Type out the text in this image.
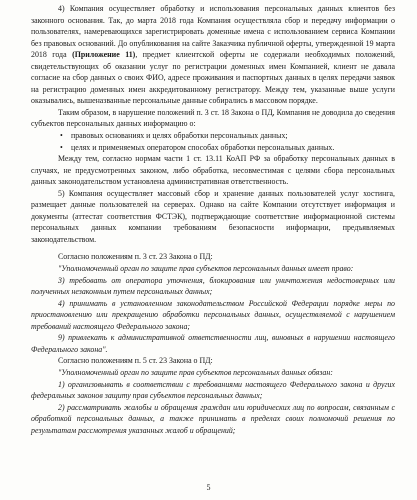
4) Компания осуществляет обработку и использования персональных данных клиентов без законного основания. Так, до марта 2018 года Компания осуществляла сбор и передачу информации о пользователях, намеревающихся зарегистрировать доменные имена с использованием сервиса Компании без правовых оснований. До опубликования на сайте Заказчика публичной оферты, утвержденной 19 марта 2018 года (Приложение 11), предмет клиентской оферты не содержали необходимых положений, свидетельствующих об оказании услуг по регистрации доменных имен Компанией, клиент не давала согласие на сбор данных о своих ФИО, адресе проживания и паспортных данных в целях передачи заявок на регистрацию доменных имен аккредитованному регистратору. Между тем, указанные выше услуги оказывались, вышеназванные персональные данные собирались в массовом порядке.

Таким образом, в нарушение положений п. 3 ст. 18 Закона о ПД, Компания не доводила до сведения субъектов персональных данных информацию о:

• правовых основаниях и целях обработки персональных данных;
• целях и применяемых оператором способах обработки персональных данных.

Между тем, согласно нормам части 1 ст. 13.11 КоАП РФ за обработку персональных данных в случаях, не предусмотренных законом, либо обработка, несовместимая с целями сбора персональных данных законодательством установлена административная ответственность.

5) Компания осуществляет массовый сбор и хранение данных пользователей услуг хостинга, размещает данные пользователей на серверах. Однако на сайте Компании отсутствует информация и документы (аттестат соответствия ФСТЭК), подтверждающие соответствие информационной системы персональных данных компании требованиям безопасности информации, предъявляемых законодательством.

Согласно положениям п. 3 ст. 23 Закона о ПД:

"Уполномоченный орган по защите прав субъектов персональных данных имеет право:

3) требовать от оператора уточнения, блокирования или уничтожения недостоверных или полученных незаконным путем персональных данных;

4) принимать в установленном законодательством Российской Федерации порядке меры по приостановлению или прекращению обработки персональных данных, осуществляемой с нарушением требований настоящего Федерального закона;

9) привлекать к административной ответственности лиц, виновных в нарушении настоящего Федерального закона".

Согласно положениям п. 5 ст. 23 Закона о ПД:

"Уполномоченный орган по защите прав субъектов персональных данных обязан:

1) организовывать в соответствии с требованиями настоящего Федерального закона и других федеральных законов защиту прав субъектов персональных данных;

2) рассматривать жалобы и обращения граждан или юридических лиц по вопросам, связанным с обработкой персональных данных, а также принимать в пределах своих полномочий решения по результатам рассмотрения указанных жалоб и обращений;

5
